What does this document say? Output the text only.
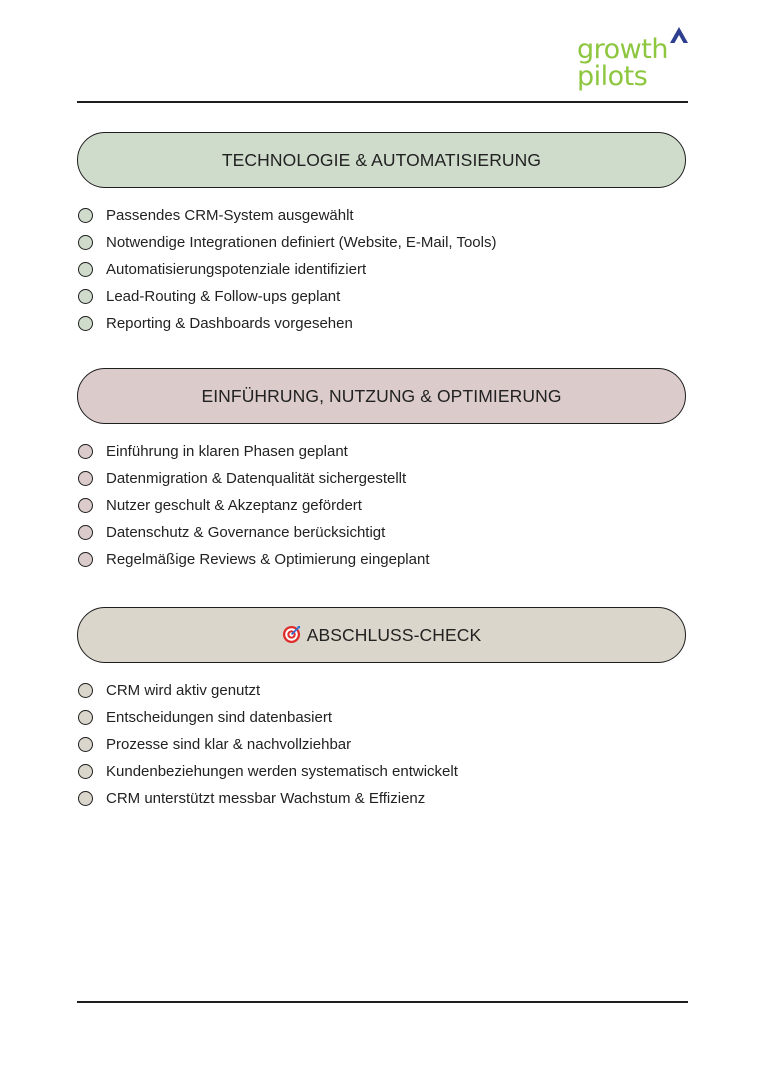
growth
pilots
TECHNOLOGIE & AUTOMATISIERUNG
Passendes CRM-System ausgewählt
Notwendige Integrationen definiert (Website, E-Mail, Tools)
Automatisierungspotenziale identifiziert
Lead-Routing & Follow-ups geplant
Reporting & Dashboards vorgesehen
EINFÜHRUNG, NUTZUNG & OPTIMIERUNG
Einführung in klaren Phasen geplant
Datenmigration & Datenqualität sichergestellt
Nutzer geschult & Akzeptanz gefördert
Datenschutz & Governance berücksichtigt
Regelmäßige Reviews & Optimierung eingeplant
ABSCHLUSS-CHECK
CRM wird aktiv genutzt
Entscheidungen sind datenbasiert
Prozesse sind klar & nachvollziehbar
Kundenbeziehungen werden systematisch entwickelt
CRM unterstützt messbar Wachstum & Effizienz
